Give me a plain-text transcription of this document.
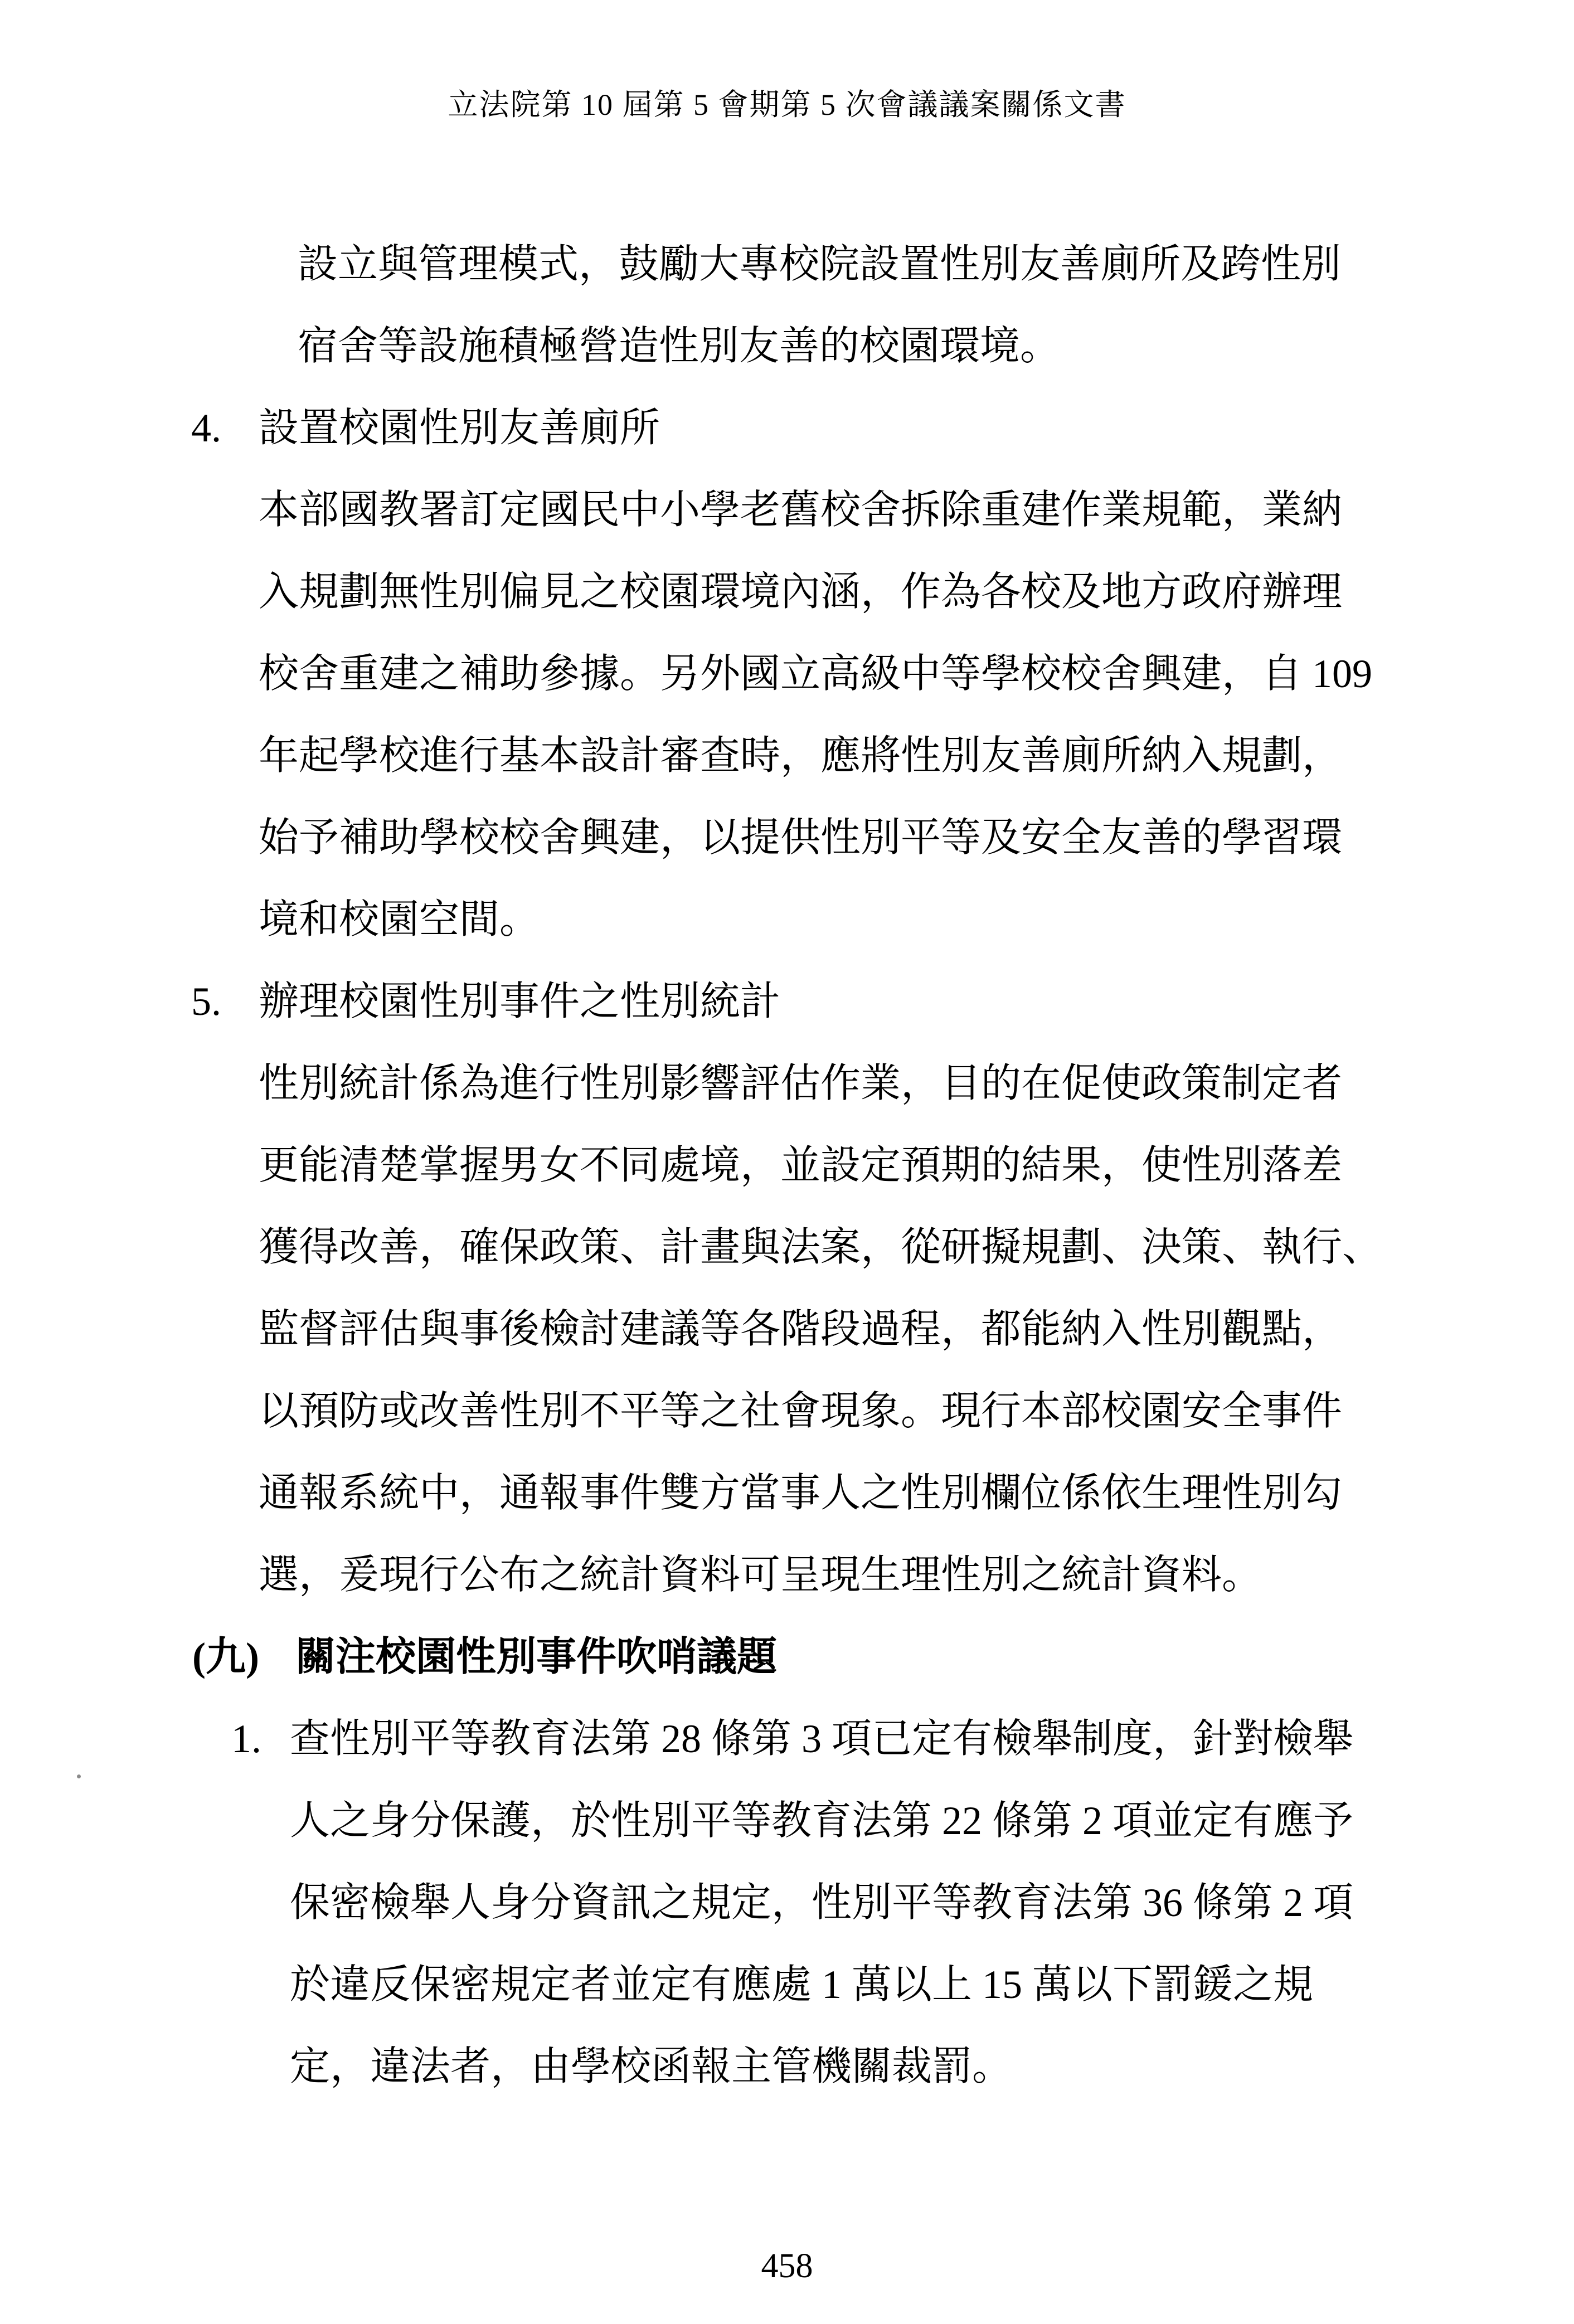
立法院第 10 屆第 5 會期第 5 次會議議案關係文書
設立與管理模式，鼓勵大專校院設置性別友善廁所及跨性別
宿舍等設施積極營造性別友善的校園環境。
4. 設置校園性別友善廁所
本部國教署訂定國民中小學老舊校舍拆除重建作業規範，業納
入規劃無性別偏見之校園環境內涵，作為各校及地方政府辦理
校舍重建之補助參據。另外國立高級中等學校校舍興建，自 109
年起學校進行基本設計審查時，應將性別友善廁所納入規劃，
始予補助學校校舍興建，以提供性別平等及安全友善的學習環
境和校園空間。
5. 辦理校園性別事件之性別統計
性別統計係為進行性別影響評估作業，目的在促使政策制定者
更能清楚掌握男女不同處境，並設定預期的結果，使性別落差
獲得改善，確保政策、計畫與法案，從研擬規劃、決策、執行、
監督評估與事後檢討建議等各階段過程，都能納入性別觀點，
以預防或改善性別不平等之社會現象。現行本部校園安全事件
通報系統中，通報事件雙方當事人之性別欄位係依生理性別勾
選，爰現行公布之統計資料可呈現生理性別之統計資料。
(九) 關注校園性別事件吹哨議題
1. 查性別平等教育法第 28 條第 3 項已定有檢舉制度，針對檢舉
人之身分保護，於性別平等教育法第 22 條第 2 項並定有應予
保密檢舉人身分資訊之規定，性別平等教育法第 36 條第 2 項
於違反保密規定者並定有應處 1 萬以上 15 萬以下罰鍰之規
定，違法者，由學校函報主管機關裁罰。
458
